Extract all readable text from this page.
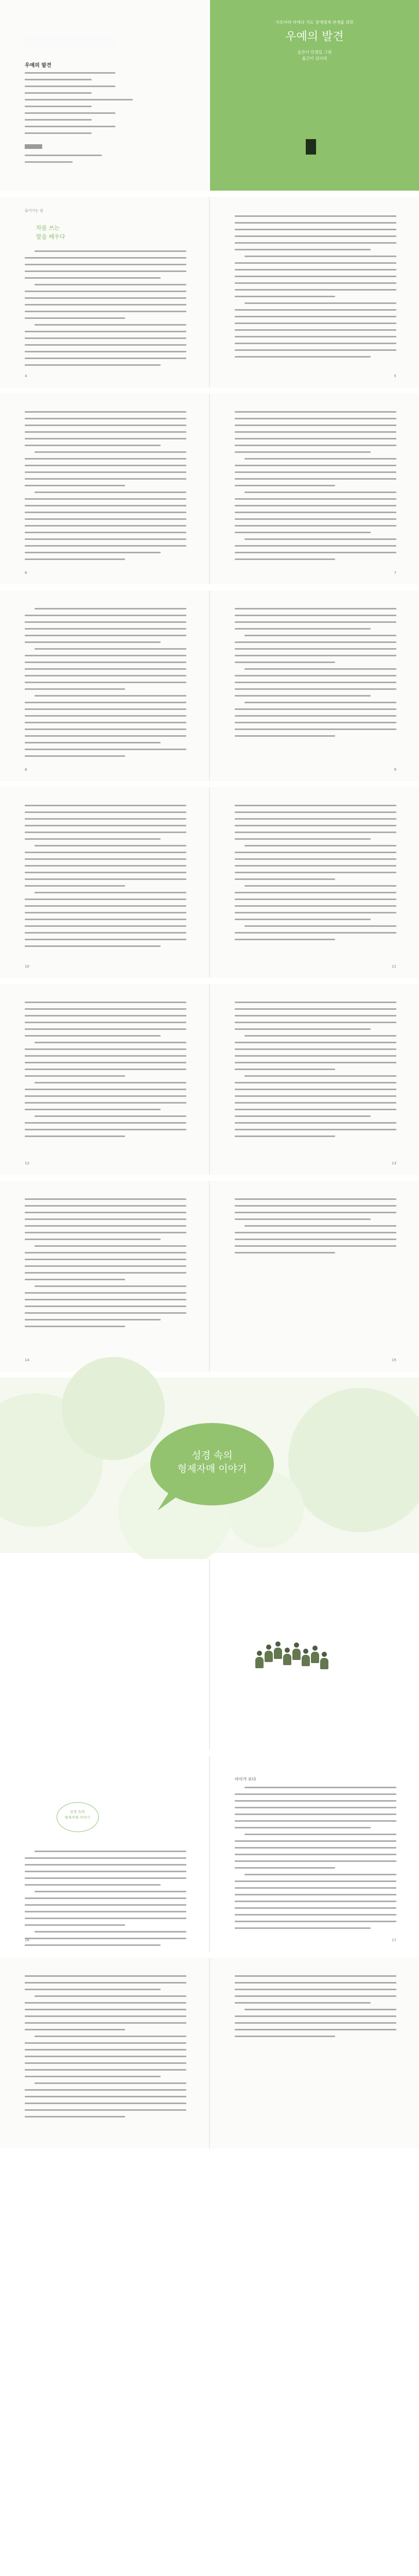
우예의 발견
사모아의 마에다 지도 장애영제 관계를 위한
우예의 발견
글쓴이 안결들 그림
옮긴이 김이라
들어가는 말
차를 쓰는
말을 떼우다
4	5
6	7
8	9
10	11
12	13
14	15
성경 속의
형제자매 이야기
성경 속의
형제자매 이야기
16
아이가 보다
17
